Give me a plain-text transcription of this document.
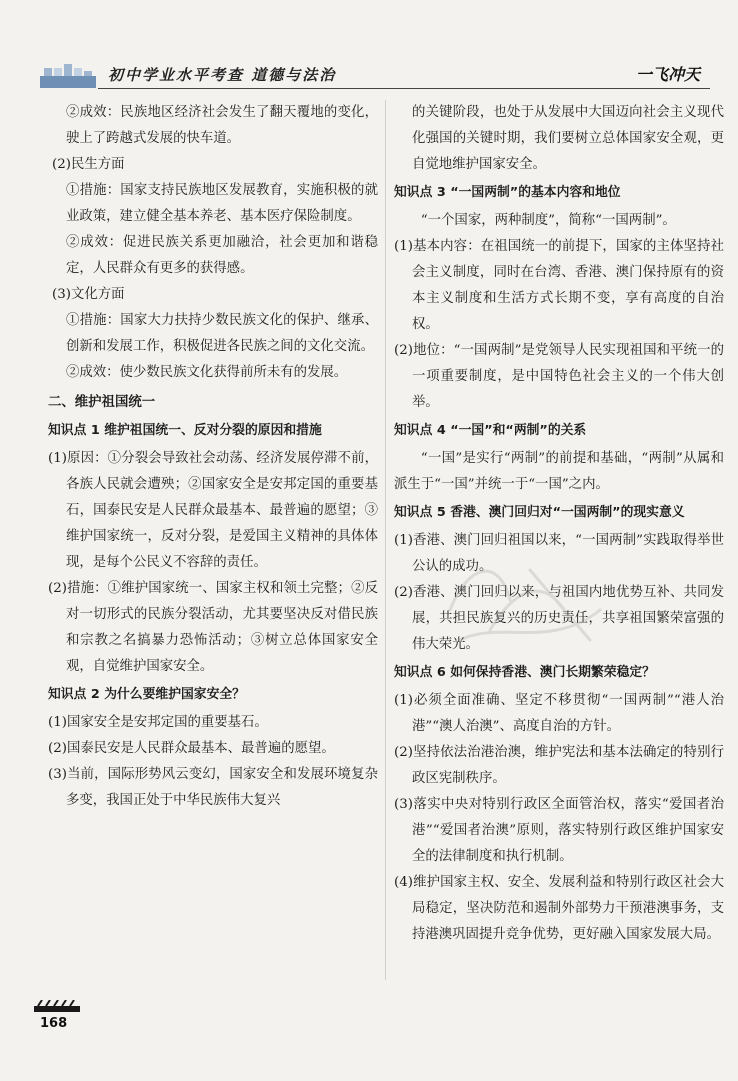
初中学业水平考查 道德与法治	一飞冲天

②成效：民族地区经济社会发生了翻天覆地的变化，驶上了跨越式发展的快车道。

(2)民生方面

①措施：国家支持民族地区发展教育，实施积极的就业政策，建立健全基本养老、基本医疗保险制度。

②成效：促进民族关系更加融洽，社会更加和谐稳定，人民群众有更多的获得感。

(3)文化方面

①措施：国家大力扶持少数民族文化的保护、继承、创新和发展工作，积极促进各民族之间的文化交流。

②成效：使少数民族文化获得前所未有的发展。

二、维护祖国统一
知识点 1 维护祖国统一、反对分裂的原因和措施

(1)原因：①分裂会导致社会动荡、经济发展停滞不前，各族人民就会遭殃；②国家安全是安邦定国的重要基石，国泰民安是人民群众最基本、最普遍的愿望；③维护国家统一，反对分裂，是爱国主义精神的具体体现，是每个公民义不容辞的责任。

(2)措施：①维护国家统一、国家主权和领土完整；②反对一切形式的民族分裂活动，尤其要坚决反对借民族和宗教之名搞暴力恐怖活动；③树立总体国家安全观，自觉维护国家安全。

知识点 2 为什么要维护国家安全？

(1)国家安全是安邦定国的重要基石。

(2)国泰民安是人民群众最基本、最普遍的愿望。

(3)当前，国际形势风云变幻，国家安全和发展环境复杂多变，我国正处于中华民族伟大复兴

的关键阶段，也处于从发展中大国迈向社会主义现代化强国的关键时期，我们要树立总体国家安全观，更自觉地维护国家安全。

知识点 3 “一国两制”的基本内容和地位

“一个国家，两种制度”，简称“一国两制”。

(1)基本内容：在祖国统一的前提下，国家的主体坚持社会主义制度，同时在台湾、香港、澳门保持原有的资本主义制度和生活方式长期不变，享有高度的自治权。

(2)地位：“一国两制”是党领导人民实现祖国和平统一的一项重要制度，是中国特色社会主义的一个伟大创举。

知识点 4 “一国”和“两制”的关系

“一国”是实行“两制”的前提和基础，“两制”从属和派生于“一国”并统一于“一国”之内。

知识点 5 香港、澳门回归对“一国两制”的现实意义

(1)香港、澳门回归祖国以来，“一国两制”实践取得举世公认的成功。

(2)香港、澳门回归以来，与祖国内地优势互补、共同发展，共担民族复兴的历史责任，共享祖国繁荣富强的伟大荣光。

知识点 6 如何保持香港、澳门长期繁荣稳定？

(1)必须全面准确、坚定不移贯彻“一国两制”“港人治港”“澳人治澳”、高度自治的方针。

(2)坚持依法治港治澳，维护宪法和基本法确定的特别行政区宪制秩序。

(3)落实中央对特别行政区全面管治权，落实“爱国者治港”“爱国者治澳”原则，落实特别行政区维护国家安全的法律制度和执行机制。

(4)维护国家主权、安全、发展利益和特别行政区社会大局稳定，坚决防范和遏制外部势力干预港澳事务，支持港澳巩固提升竞争优势，更好融入国家发展大局。

168
